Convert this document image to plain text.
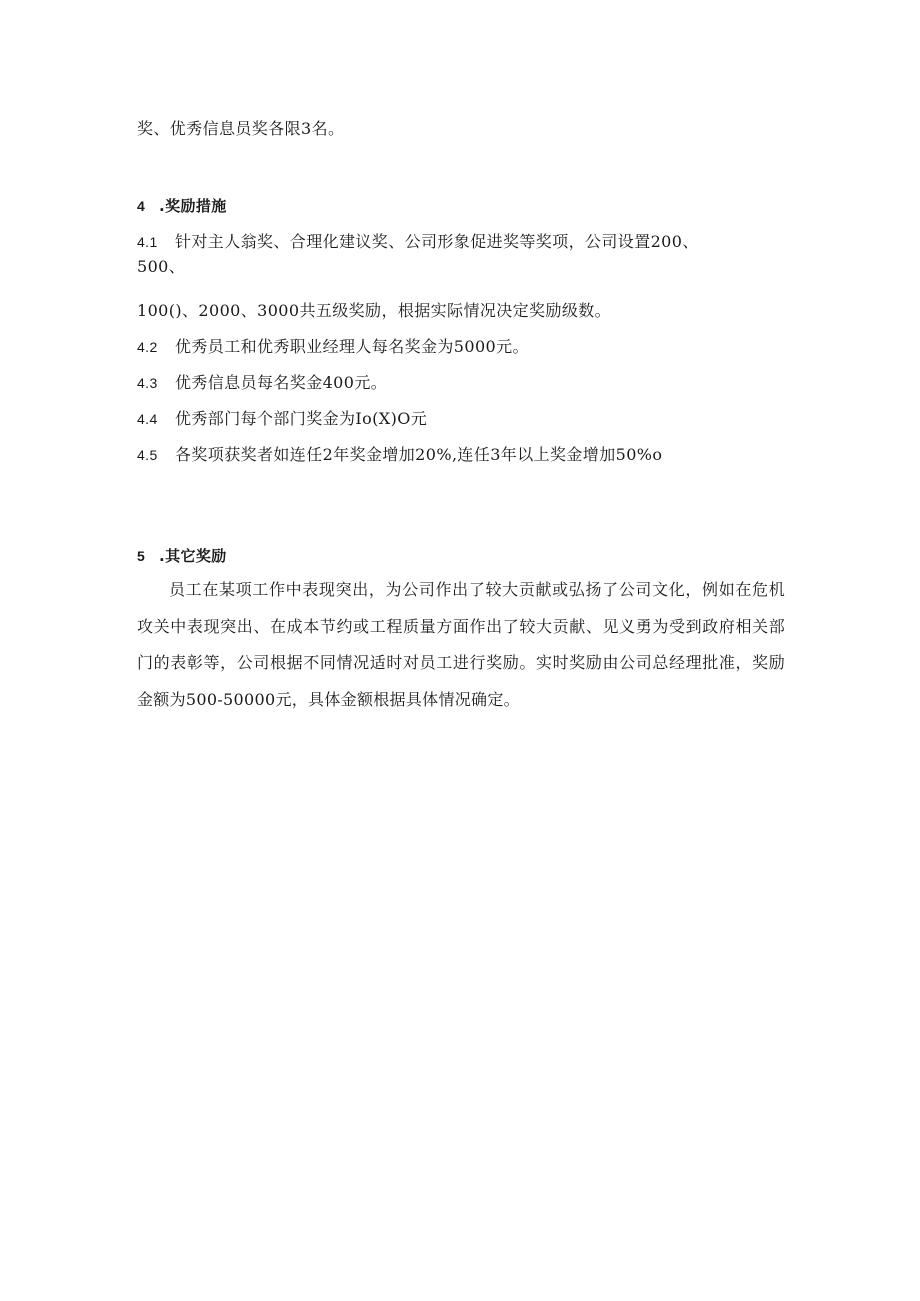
奖、优秀信息员奖各限3名。
4 .奖励措施
4.1 针对主人翁奖、合理化建议奖、公司形象促进奖等奖项，公司设置200、
500、
100()、2000、3000共五级奖励，根据实际情况决定奖励级数。
4.2 优秀员工和优秀职业经理人每名奖金为5000元。
4.3 优秀信息员每名奖金400元。
4.4 优秀部门每个部门奖金为Io(X)O元
4.5 各奖项获奖者如连任2年奖金增加20%,连任3年以上奖金增加50%o
5 .其它奖励
员工在某项工作中表现突出，为公司作出了较大贡献或弘扬了公司文化，例如在危机攻关中表现突出、在成本节约或工程质量方面作出了较大贡献、见义勇为受到政府相关部门的表彰等，公司根据不同情况适时对员工进行奖励。实时奖励由公司总经理批准，奖励金额为500-50000元，具体金额根据具体情况确定。
